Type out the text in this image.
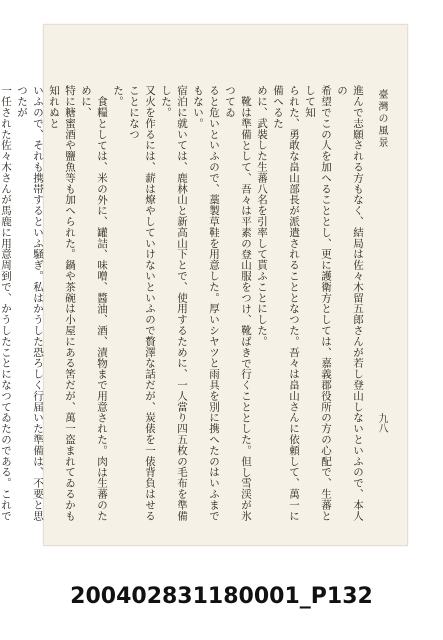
臺灣の風景

進んで志願される方もなく、結局は佐々木留五郎さんが若し登山しないといふので、本人の

希望でこの人を加へることとし、更に護衛方としては、嘉義郡役所の方の心配で、生蕃として知

られた、勇敢な畠山部長が派遣されることとなつた。吾々は畠山さんに依頼して、萬一に備へるた

めに、武裝した生蕃八名を引率して貰ふことにした。

靴は準備として、吾々は平素の登山服をつけ、靴ばきで行くこととした。但し雪渓が氷つてゐ

ると危いといふので、藁製草鞋を用意した。厚いシヤツと雨具を別に携へたのはいふまでもない。

宿泊に就いては、鹿林山と新高山下とで、使用するために、一人當り四五枚の毛布を準備した。

又火を作るには、薪は燎やしていけないといふので贅澤な話だが、炭俵を一俵背負はせることになつ

た。

食糧としては、米の外に、罐詰、味噌、醬油、酒、漬物まで用意された。肉は生蕃のために、

特に糖蜜酒や鹽魚等も加へられた。鍋や茶碗は小屋にある筈だが、萬一盗まれてゐるかも知れぬと

いふので、それも携帯するといふ騒ぎ。私はかうした恐ろしく行届いた準備は、不要と思つたが

一任された佐々木さんが馬鹿に用意周到で、かうしたことになつてゐたのである。これで

九八
200402831180001_P132
